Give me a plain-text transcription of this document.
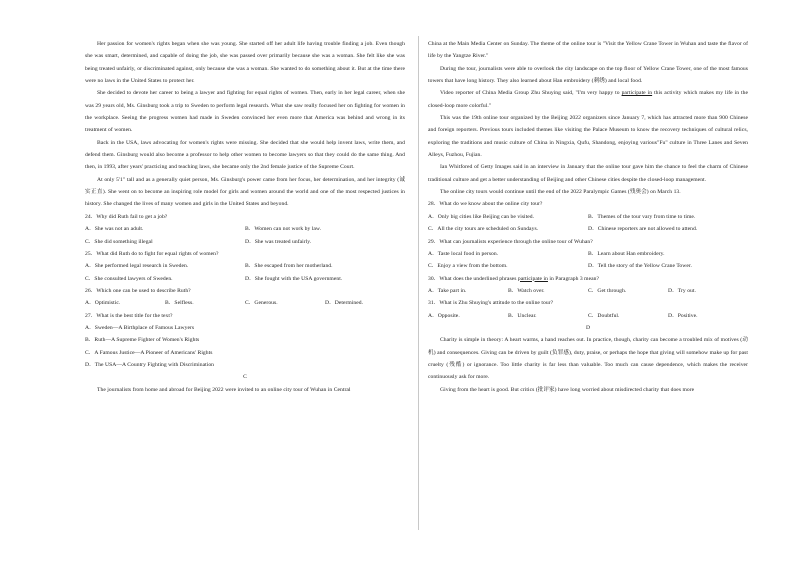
Her passion for women's rights began when she was young. She started off her adult life having trouble finding a job. Even though she was smart, determined, and capable of doing the job, she was passed over primarily because she was a woman. She felt like she was being treated unfairly, or discriminated against, only because she was a woman. She wanted to do something about it. But at the time there were no laws in the United States to protect her.

She decided to devote her career to being a lawyer and fighting for equal rights of women. Then, early in her legal career, when she was 29 years old, Ms. Ginsburg took a trip to Sweden to perform legal research. What she saw really focused her on fighting for women in the workplace. Seeing the progress women had made in Sweden convinced her even more that America was behind and wrong in its treatment of women.

Back in the USA, laws advocating for women's rights were missing. She decided that she would help invent laws, write them, and defend them. Ginsburg would also become a professor to help other women to become lawyers so that they could do the same thing. And then, in 1993, after years' practicing and teaching laws, she became only the 2nd female justice of the Supreme Court.

At only 5'1" tall and as a generally quiet person, Ms. Ginsburg's power came from her focus, her determination, and her integrity (诚实正直). She went on to become an inspiring role model for girls and women around the world and one of the most respected justices in history. She changed the lives of many women and girls in the United States and beyond.

24．Why did Ruth fail to get a job?
A．She was not an adult.	B．Women can not work by law.
C．She did something illegal	D．She was treated unfairly.
25．What did Ruth do to fight for equal rights of women?
A．She performed legal research in Sweden.	B．She escaped from her motherland.
C．She consulted lawyers of Sweden.	D．She fought with the USA government.
26．Which one can be used to describe Ruth?
A．Optimistic.	B．Selfless.	C．Generous.	D．Determined.
27．What is the best title for the text?
A．Sweden—A Birthplace of Famous Lawyers
B．Ruth—A Supreme Fighter of Women's Rights
C．A Famous Justice—A Pioneer of Americans' Rights
D．The USA—A Country Fighting with Discrimination
C

The journalists from home and abroad for Beijing 2022 were invited to an online city tour of Wuhan in Central

China at the Main Media Center on Sunday. The theme of the online tour is "Visit the Yellow Crane Tower in Wuhan and taste the flavor of life by the Yangtze River."

During the tour, journalists were able to overlook the city landscape on the top floor of Yellow Crane Tower, one of the most famous towers that have long history. They also learned about Han embroidery (刺绣) and local food.

Video reporter of China Media Group Zhu Shuying said, "I'm very happy to participate in this activity which makes my life in the closed-loop more colorful."

This was the 19th online tour organized by the Beijing 2022 organizers since January 7, which has attracted more than 900 Chinese and foreign reporters. Previous tours included themes like visiting the Palace Museum to know the recovery techniques of cultural relics, exploring the traditions and music culture of China in Ningxia, Qufu, Shandong, enjoying various"Fu" culture in Three Lanes and Seven Alleys, Fuzhou, Fujian.

Ian Whitfored of Getty Images said in an interview in January that the online tour gave him the chance to feel the charm of Chinese traditional culture and get a better understanding of Beijing and other Chinese cities despite the closed-loop management.

The online city tours would continue until the end of the 2022 Paralympic Games (残奥会) on March 13.

28．What do we know about the online city tour?
A．Only big cities like Beijing can be visited.	B．Themes of the tour vary from time to time.
C．All the city tours are scheduled on Sundays.	D．Chinese reporters are not allowed to attend.
29．What can journalists experience through the online tour of Wuhan?
A．Taste local food in person.	B．Learn about Han embroidery.
C．Enjoy a view from the bottom.	D．Tell the story of the Yellow Crane Tower.
30．What does the underlined phrases participate in in Paragraph 3 mean?
A．Take part in.	B．Watch over.	C．Get through.	D．Try out.
31．What is Zhu Shuying's attitude to the online tour?
A．Opposite.	B．Unclear.	C．Doubtful.	D．Positive.
D

Charity is simple in theory: A heart warms, a hand reaches out. In practice, though, charity can become a troubled mix of motives (动机) and consequences. Giving can be driven by guilt (负罪感), duty, praise, or perhaps the hope that giving will somehow make up for past cruelty (残酷) or ignorance. Too little charity is far less than valuable. Too much can cause dependence, which makes the receiver continuously ask for more.

Giving from the heart is good. But critics (批评家) have long worried about misdirected charity that does more
